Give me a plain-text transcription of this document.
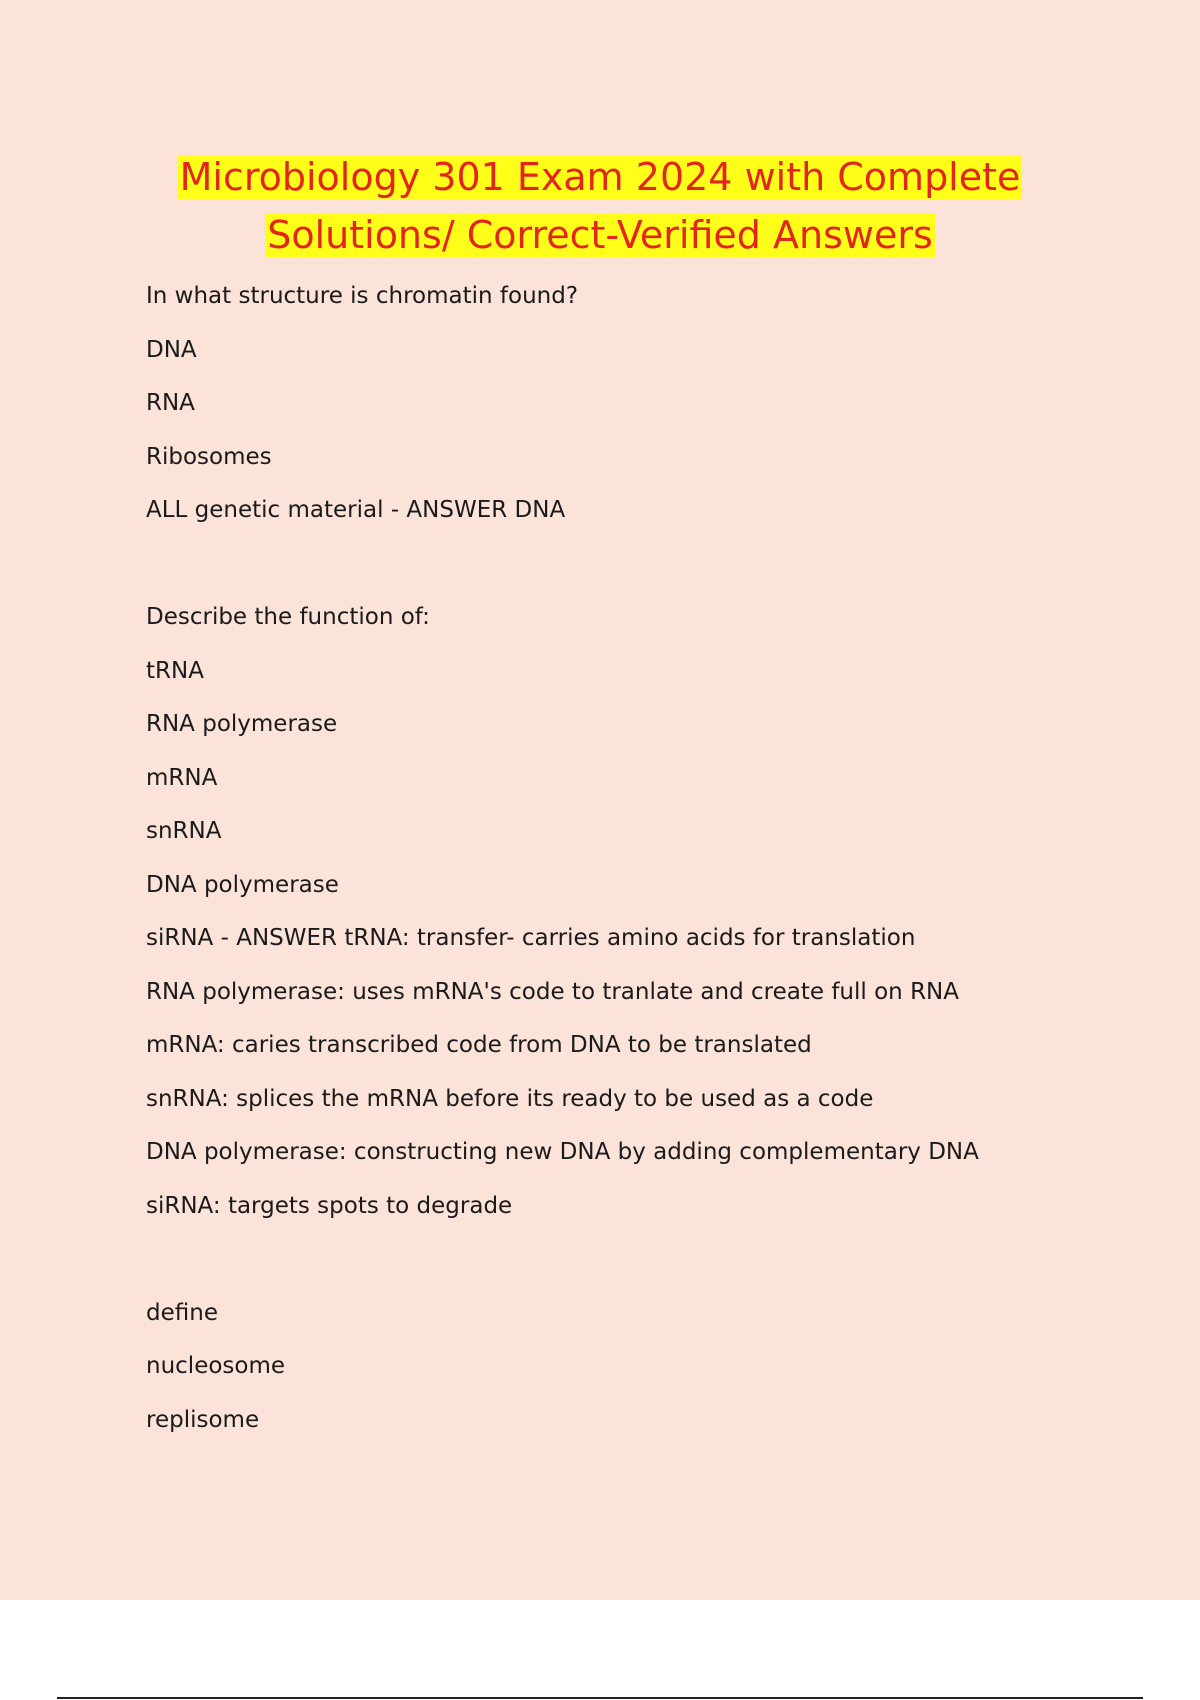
Microbiology 301 Exam 2024 with Complete
Solutions/ Correct-Verified Answers
In what structure is chromatin found?
DNA
RNA
Ribosomes
ALL genetic material - ANSWER DNA
Describe the function of:
tRNA
RNA polymerase
mRNA
snRNA
DNA polymerase
siRNA - ANSWER tRNA: transfer- carries amino acids for translation
RNA polymerase: uses mRNA's code to tranlate and create full on RNA
mRNA: caries transcribed code from DNA to be translated
snRNA: splices the mRNA before its ready to be used as a code
DNA polymerase: constructing new DNA by adding complementary DNA
siRNA: targets spots to degrade
define
nucleosome
replisome
